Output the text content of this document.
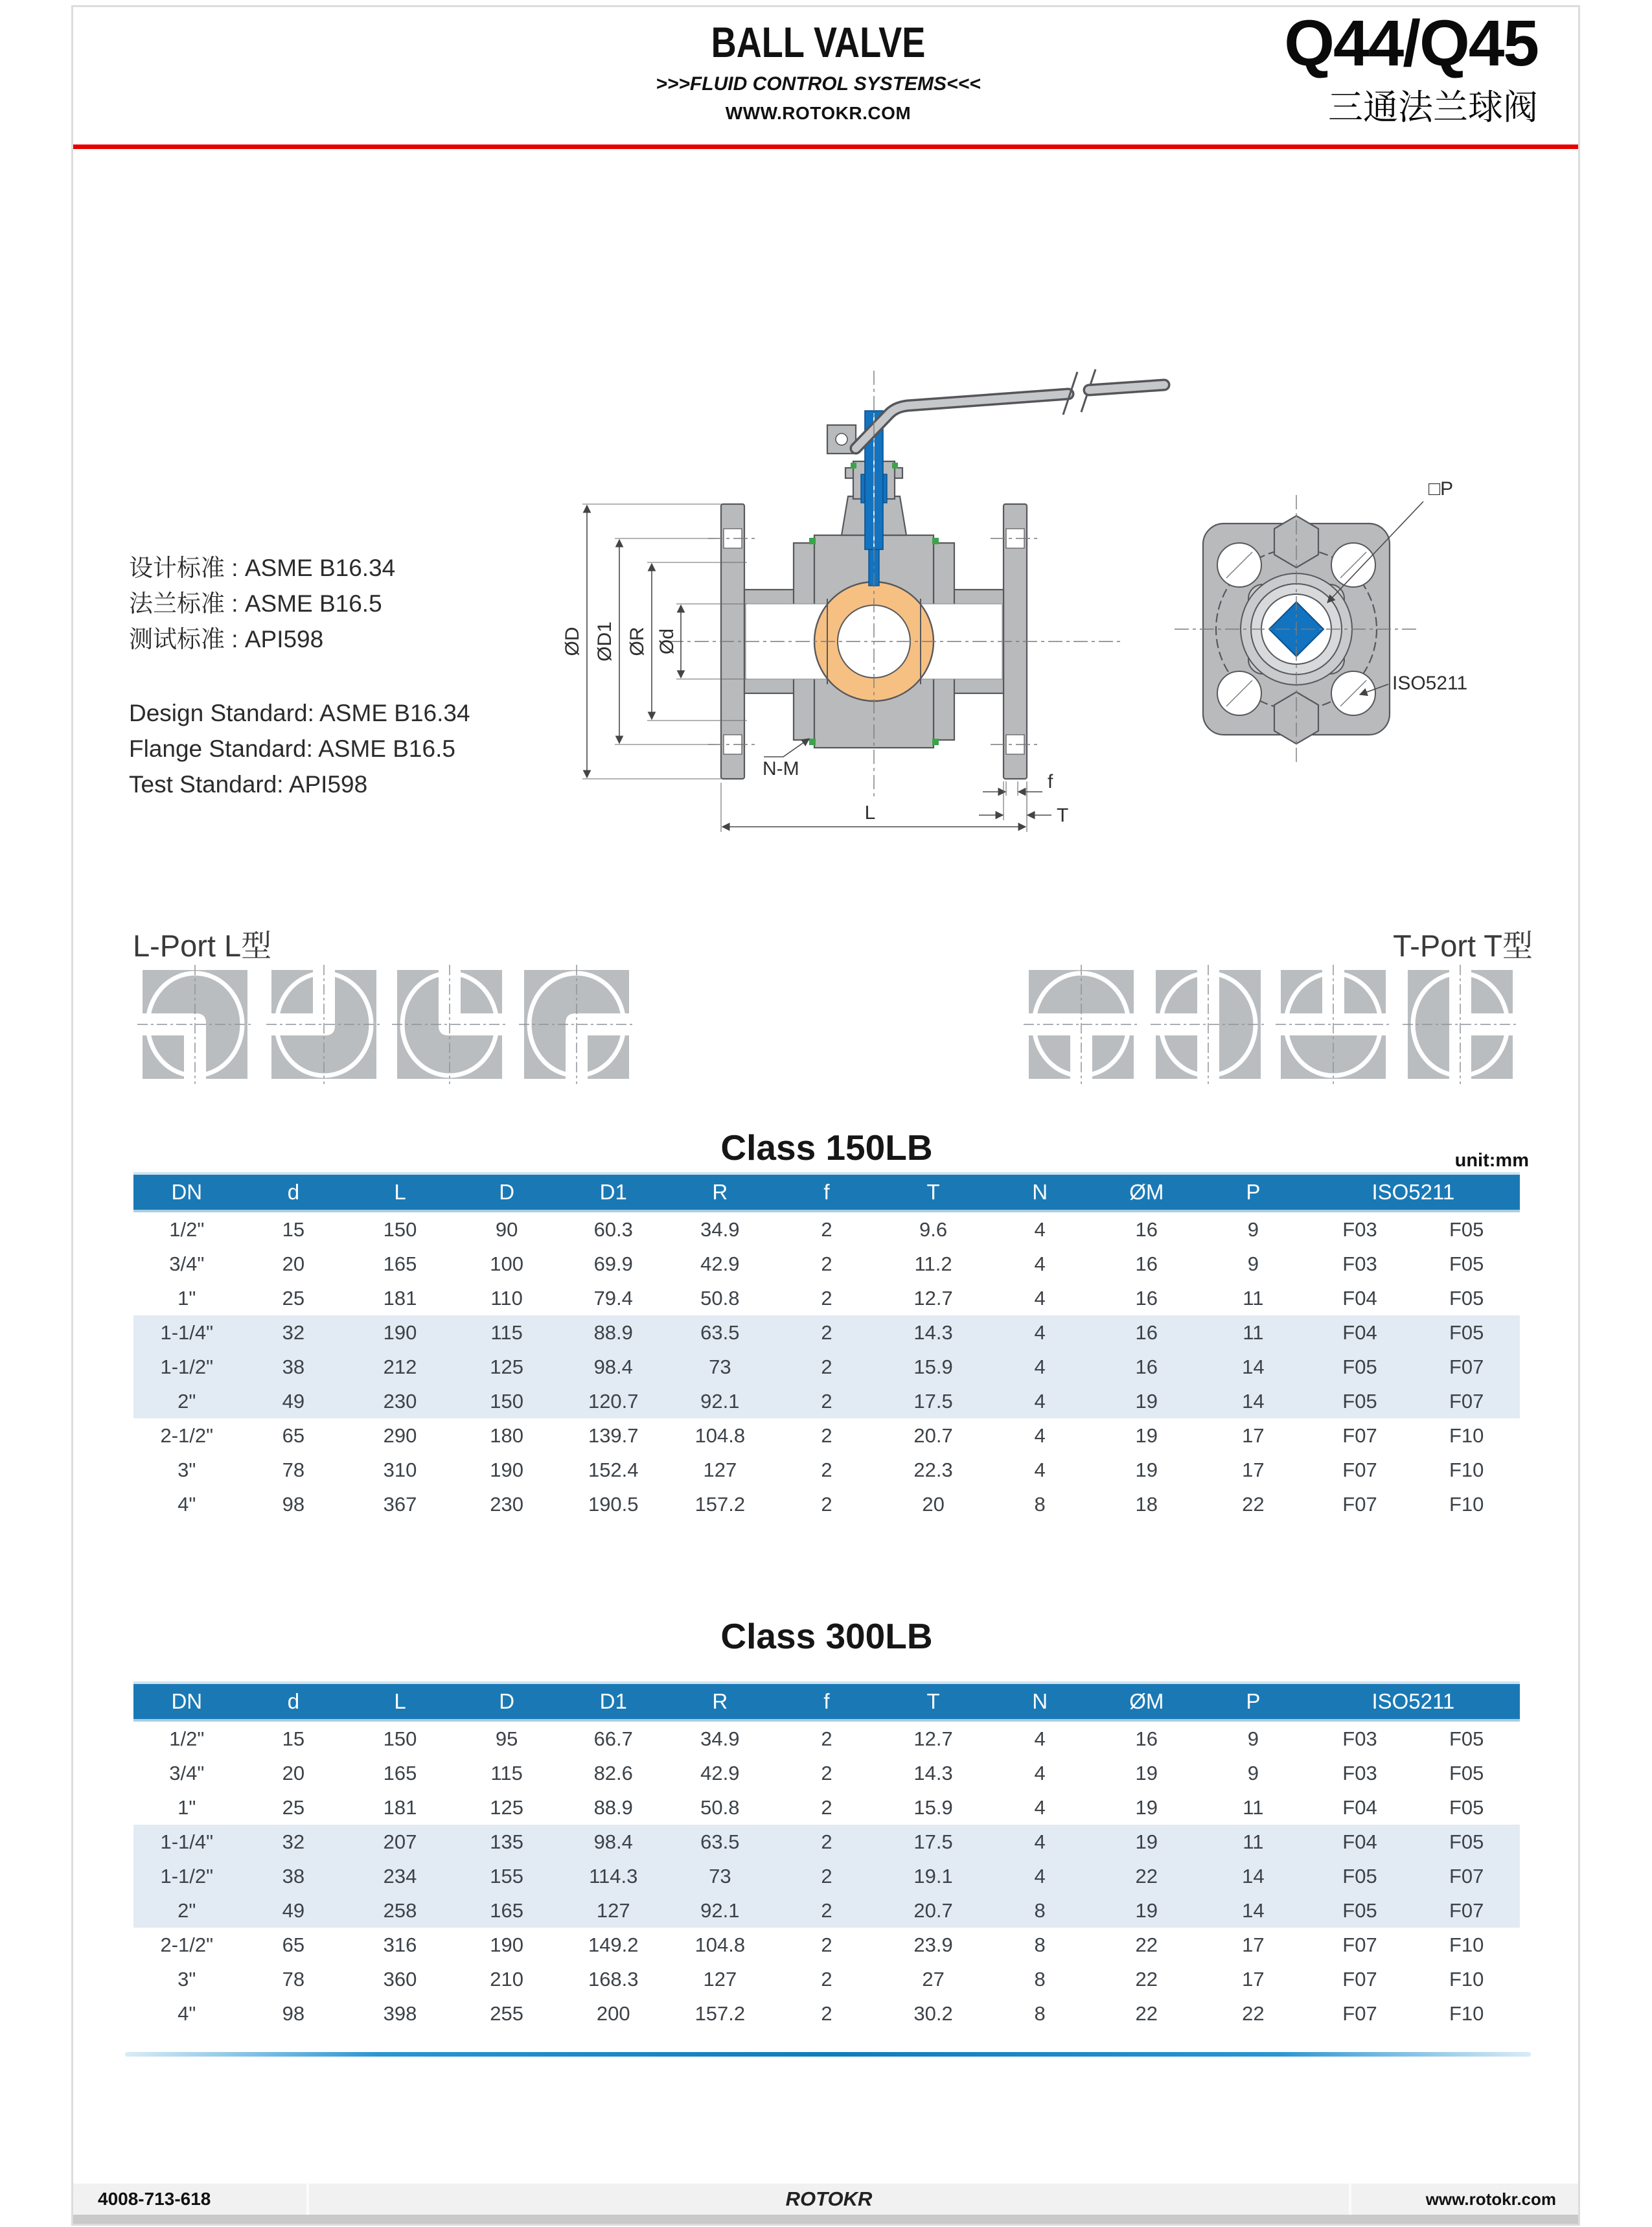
BALL VALVE
>>>FLUID CONTROL SYSTEMS<<<
WWW.ROTOKR.COM
Q44/Q45
三通法兰球阀
设计标准 : ASME B16.34
法兰标准 : ASME B16.5
测试标准 : API598
Design Standard: ASME B16.34
Flange Standard: ASME B16.5
Test Standard: API598
ØD ØD1 ØR Ød
L
f
T
N-M
□P
ISO5211
L-Port L型	T-Port T型
Class 150LB	unit:mm
DN	d	L	D	D1	R	f	T	N	ØM	P	ISO5211	
1/2"	15	150	90	60.3	34.9	2	9.6	4	16	9	F03	F05
3/4"	20	165	100	69.9	42.9	2	11.2	4	16	9	F03	F05
1"	25	181	110	79.4	50.8	2	12.7	4	16	11	F04	F05
1-1/4"	32	190	115	88.9	63.5	2	14.3	4	16	11	F04	F05
1-1/2"	38	212	125	98.4	73	2	15.9	4	16	14	F05	F07
2"	49	230	150	120.7	92.1	2	17.5	4	19	14	F05	F07
2-1/2"	65	290	180	139.7	104.8	2	20.7	4	19	17	F07	F10
3"	78	310	190	152.4	127	2	22.3	4	19	17	F07	F10
4"	98	367	230	190.5	157.2	2	20	8	18	22	F07	F10
Class 300LB
DN	d	L	D	D1	R	f	T	N	ØM	P	ISO5211	
1/2"	15	150	95	66.7	34.9	2	12.7	4	16	9	F03	F05
3/4"	20	165	115	82.6	42.9	2	14.3	4	19	9	F03	F05
1"	25	181	125	88.9	50.8	2	15.9	4	19	11	F04	F05
1-1/4"	32	207	135	98.4	63.5	2	17.5	4	19	11	F04	F05
1-1/2"	38	234	155	114.3	73	2	19.1	4	22	14	F05	F07
2"	49	258	165	127	92.1	2	20.7	8	19	14	F05	F07
2-1/2"	65	316	190	149.2	104.8	2	23.9	8	22	17	F07	F10
3"	78	360	210	168.3	127	2	27	8	22	17	F07	F10
4"	98	398	255	200	157.2	2	30.2	8	22	22	F07	F10
4008-713-618	ROTOKR	www.rotokr.com
